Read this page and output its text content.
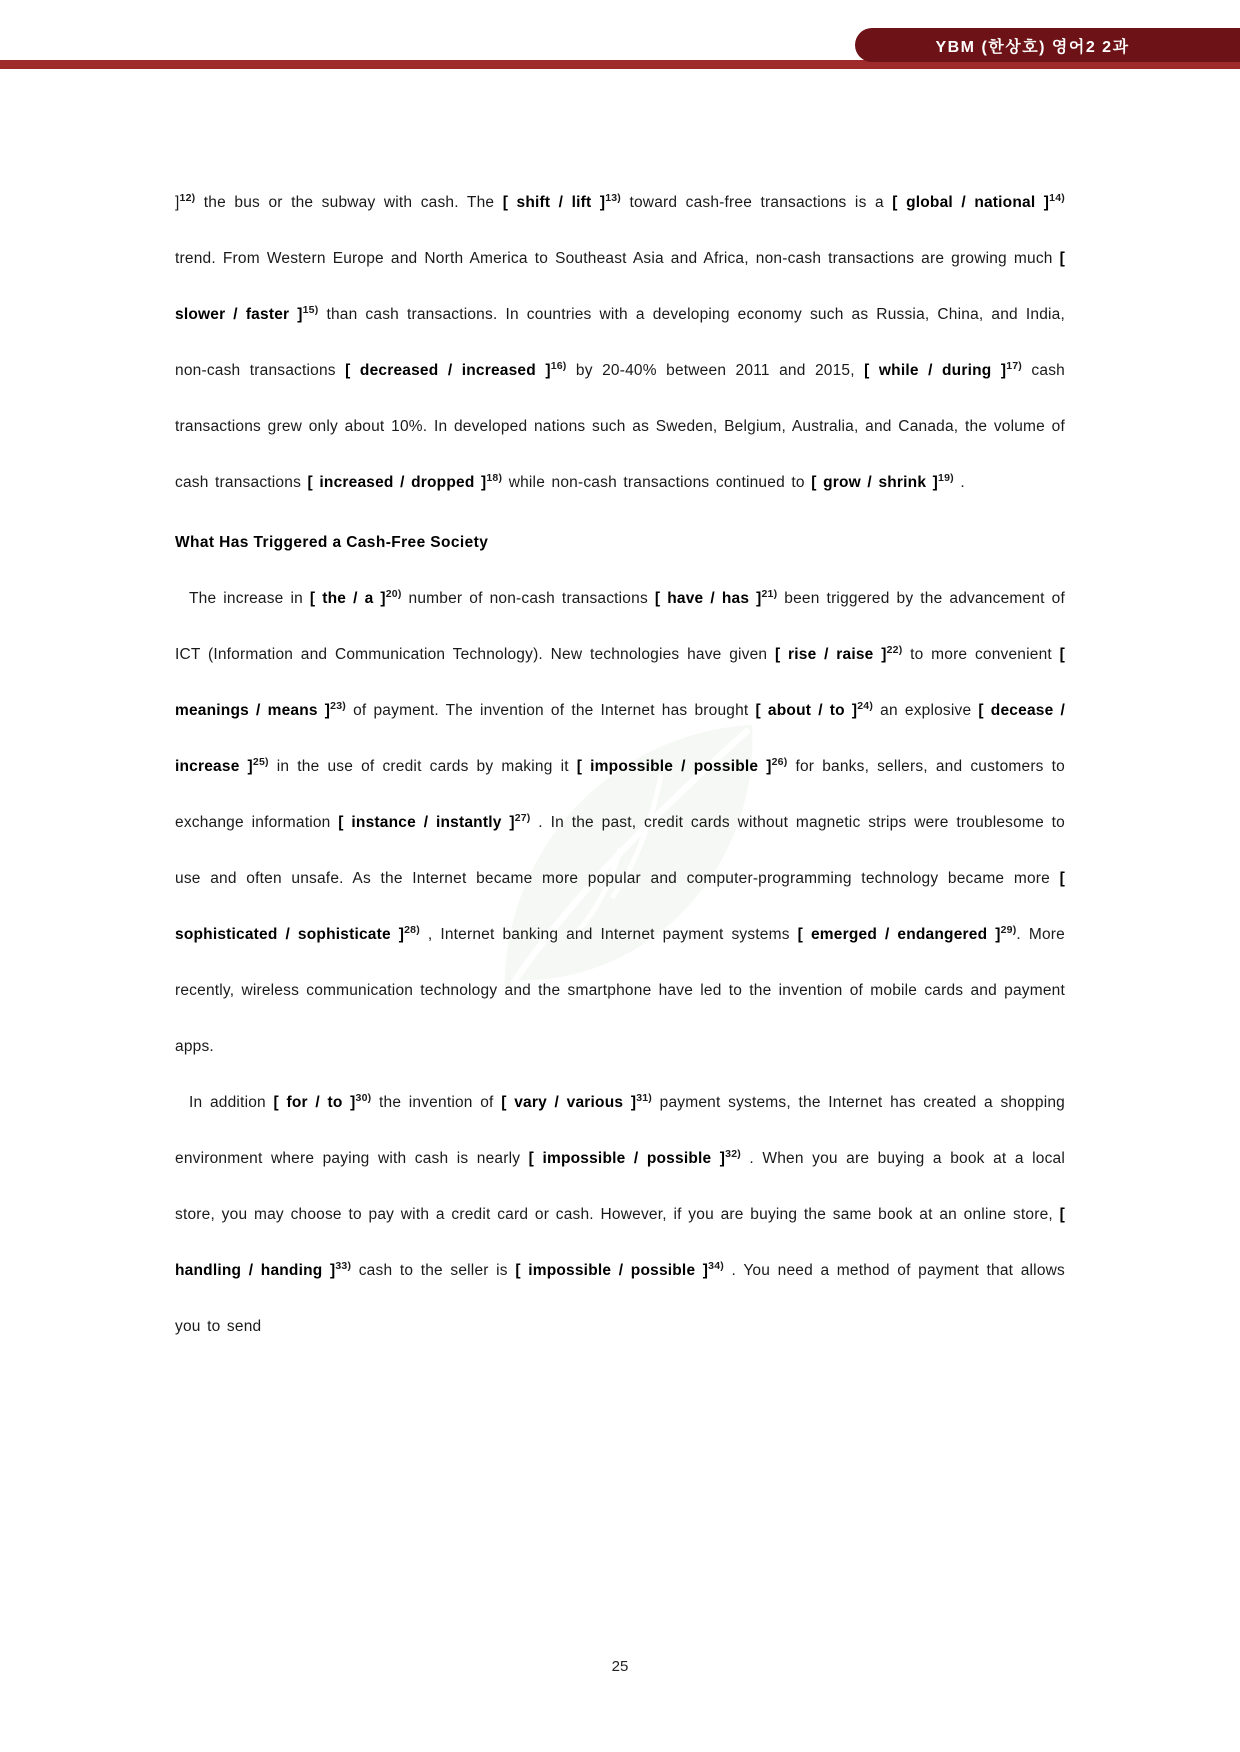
YBM (한상호) 영어2 2과

]$^{12)}$ the bus or the subway with cash. The [ shift / lift ]$^{13)}$ toward cash-free transactions is a [ global / national ]$^{14)}$ trend. From Western Europe and North America to Southeast Asia and Africa, non-cash transactions are growing much [ slower / faster ]$^{15)}$ than cash transactions. In countries with a developing economy such as Russia, China, and India, non-cash transactions [ decreased / increased ]$^{16)}$ by 20-40% between 2011 and 2015, [ while / during ]$^{17)}$ cash transactions grew only about 10%. In developed nations such as Sweden, Belgium, Australia, and Canada, the volume of cash transactions [ increased / dropped ]$^{18)}$ while non-cash transactions continued to [ grow / shrink ]$^{19)}$ .

What Has Triggered a Cash-Free Society

The increase in [ the / a ]$^{20)}$ number of non-cash transactions [ have / has ]$^{21)}$ been triggered by the advancement of ICT (Information and Communication Technology). New technologies have given [ rise / raise ]$^{22)}$ to more convenient [ meanings / means ]$^{23)}$ of payment. The invention of the Internet has brought [ about / to ]$^{24)}$ an explosive [ decease / increase ]$^{25)}$ in the use of credit cards by making it [ impossible / possible ]$^{26)}$ for banks, sellers, and customers to exchange information [ instance / instantly ]$^{27)}$ . In the past, credit cards without magnetic strips were troublesome to use and often unsafe. As the Internet became more popular and computer-programming technology became more [ sophisticated / sophisticate ]$^{28)}$ , Internet banking and Internet payment systems [ emerged / endangered ]$^{29)}$. More recently, wireless communication technology and the smartphone have led to the invention of mobile cards and payment apps.

In addition [ for / to ]$^{30)}$ the invention of [ vary / various ]$^{31)}$ payment systems, the Internet has created a shopping environment where paying with cash is nearly [ impossible / possible ]$^{32)}$ . When you are buying a book at a local store, you may choose to pay with a credit card or cash. However, if you are buying the same book at an online store, [ handling / handing ]$^{33)}$ cash to the seller is [ impossible / possible ]$^{34)}$ . You need a method of payment that allows you to send

25
